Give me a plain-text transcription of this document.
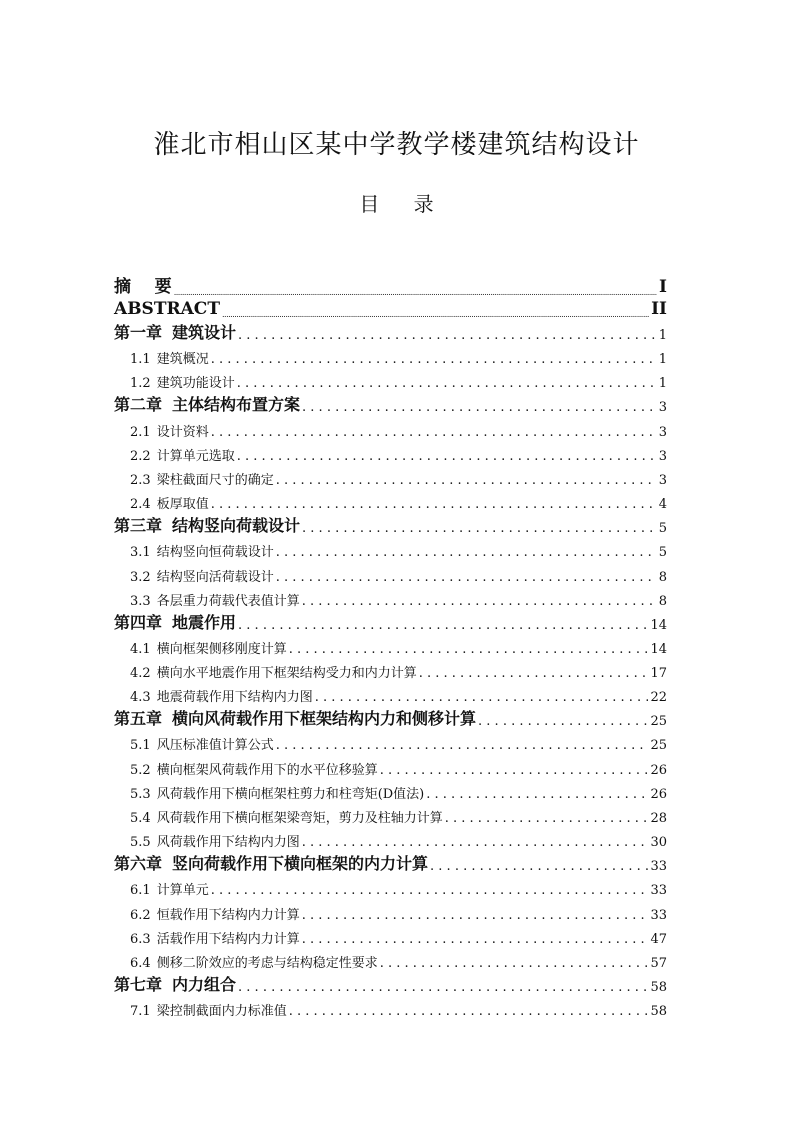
淮北市相山区某中学教学楼建筑结构设计
目 录
摘    要 .....	I
ABSTRACT .....	II
第一章 建筑设计 . . .	1
1.1 建筑概况 . . .	1
1.2 建筑功能设计 . . .	1
第二章 主体结构布置方案 . . .	3
2.1 设计资料 . . .	3
2.2 计算单元选取 . . .	3
2.3 梁柱截面尺寸的确定 . . .	3
2.4 板厚取值 . . .	4
第三章 结构竖向荷载设计 . . .	5
3.1 结构竖向恒荷载设计 . . .	5
3.2 结构竖向活荷载设计 . . .	8
3.3 各层重力荷载代表值计算 . . .	8
第四章 地震作用 . . .	14
4.1 横向框架侧移刚度计算 . . .	14
4.2 横向水平地震作用下框架结构受力和内力计算 . . .	17
4.3 地震荷载作用下结构内力图 . . .	22
第五章 横向风荷载作用下框架结构内力和侧移计算 . . .	25
5.1 风压标准值计算公式 . . .	25
5.2 横向框架风荷载作用下的水平位移验算 . . .	26
5.3 风荷载作用下横向框架柱剪力和柱弯矩(D值法) . . .	26
5.4 风荷载作用下横向框架梁弯矩，剪力及柱轴力计算 . . .	28
5.5 风荷载作用下结构内力图 . . .	30
第六章 竖向荷载作用下横向框架的内力计算 . . .	33
6.1 计算单元 . . .	33
6.2 恒载作用下结构内力计算 . . .	33
6.3 活载作用下结构内力计算 . . .	47
6.4 侧移二阶效应的考虑与结构稳定性要求 . . .	57
第七章 内力组合 . . .	58
7.1 梁控制截面内力标准值 . . .	58
